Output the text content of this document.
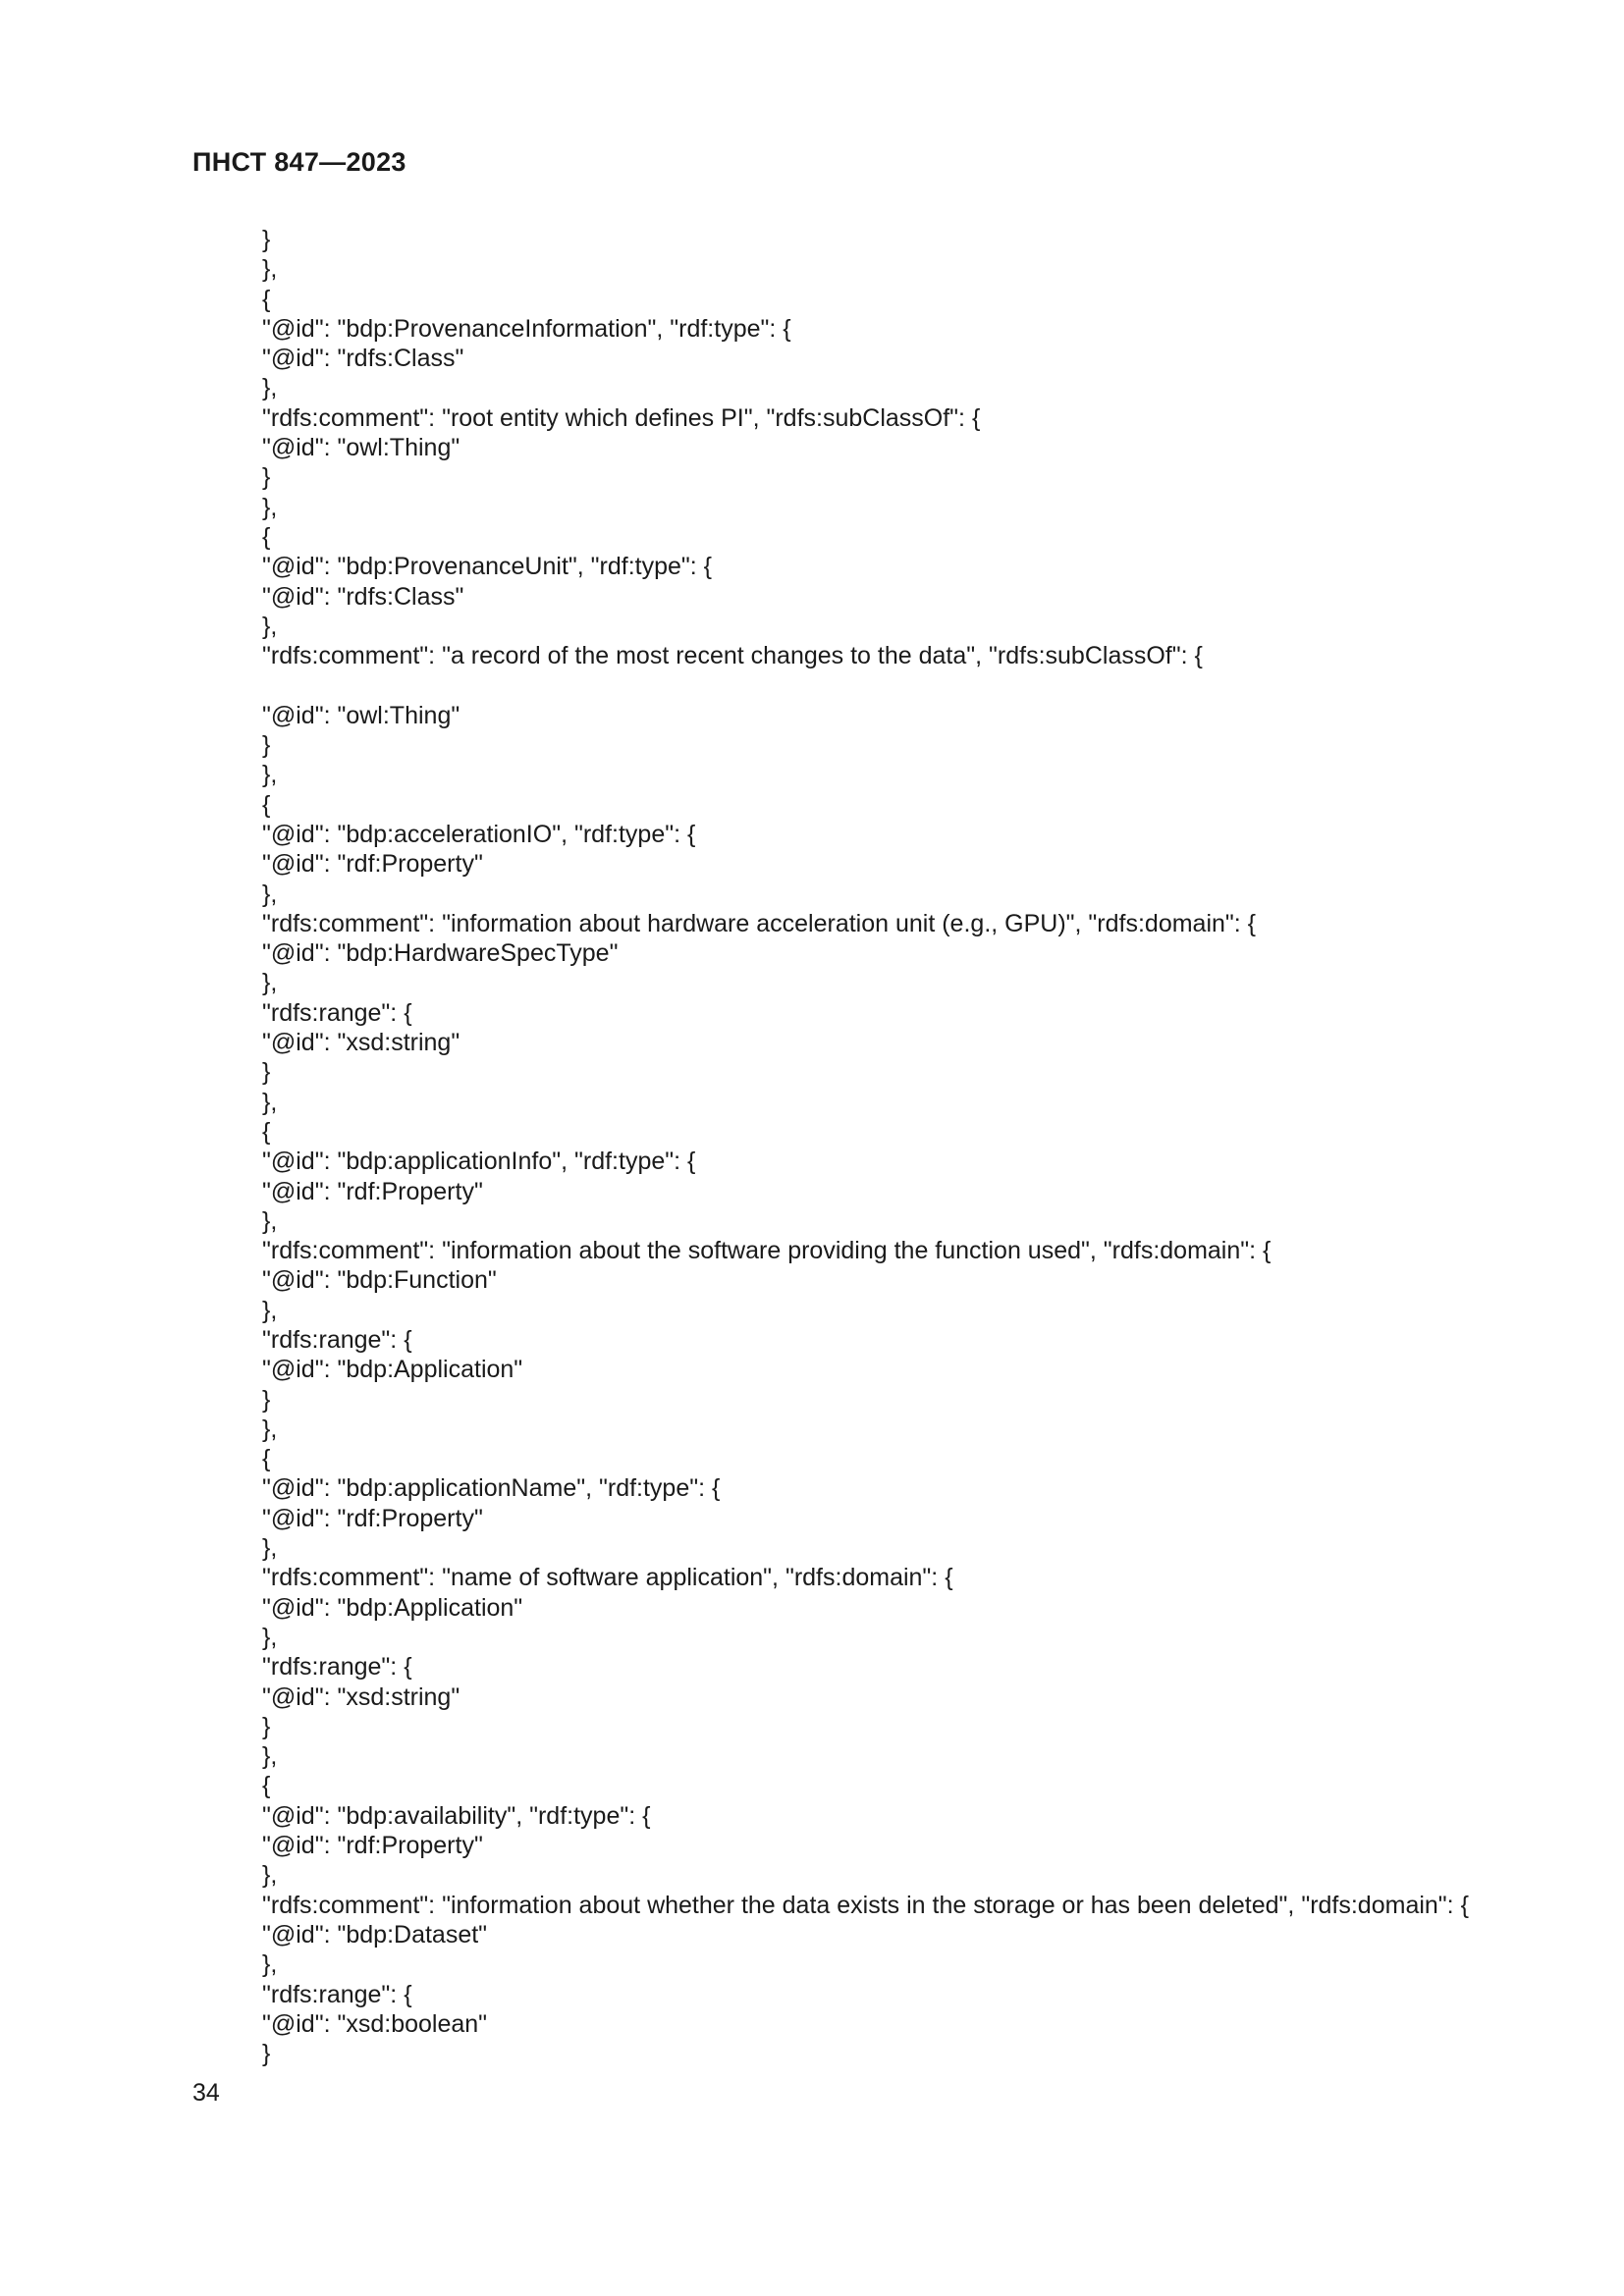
ПНСТ 847—2023
}
},
{
"@id": "bdp:ProvenanceInformation", "rdf:type": {
"@id": "rdfs:Class"
},
"rdfs:comment": "root entity which defines PI", "rdfs:subClassOf": {
"@id": "owl:Thing"
}
},
{
"@id": "bdp:ProvenanceUnit", "rdf:type": {
"@id": "rdfs:Class"
},
"rdfs:comment": "a record of the most recent changes to the data", "rdfs:subClassOf": {
"@id": "owl:Thing"
}
},
{
"@id": "bdp:accelerationIO", "rdf:type": {
"@id": "rdf:Property"
},
"rdfs:comment": "information about hardware acceleration unit (e.g., GPU)", "rdfs:domain": {
"@id": "bdp:HardwareSpecType"
},
"rdfs:range": {
"@id": "xsd:string"
}
},
{
"@id": "bdp:applicationInfo", "rdf:type": {
"@id": "rdf:Property"
},
"rdfs:comment": "information about the software providing the function used", "rdfs:domain": {
"@id": "bdp:Function"
},
"rdfs:range": {
"@id": "bdp:Application"
}
},
{
"@id": "bdp:applicationName", "rdf:type": {
"@id": "rdf:Property"
},
"rdfs:comment": "name of software application", "rdfs:domain": {
"@id": "bdp:Application"
},
"rdfs:range": {
"@id": "xsd:string"
}
},
{
"@id": "bdp:availability", "rdf:type": {
"@id": "rdf:Property"
},
"rdfs:comment": "information about whether the data exists in the storage or has been deleted", "rdfs:domain": {
"@id": "bdp:Dataset"
},
"rdfs:range": {
"@id": "xsd:boolean"
}
34
